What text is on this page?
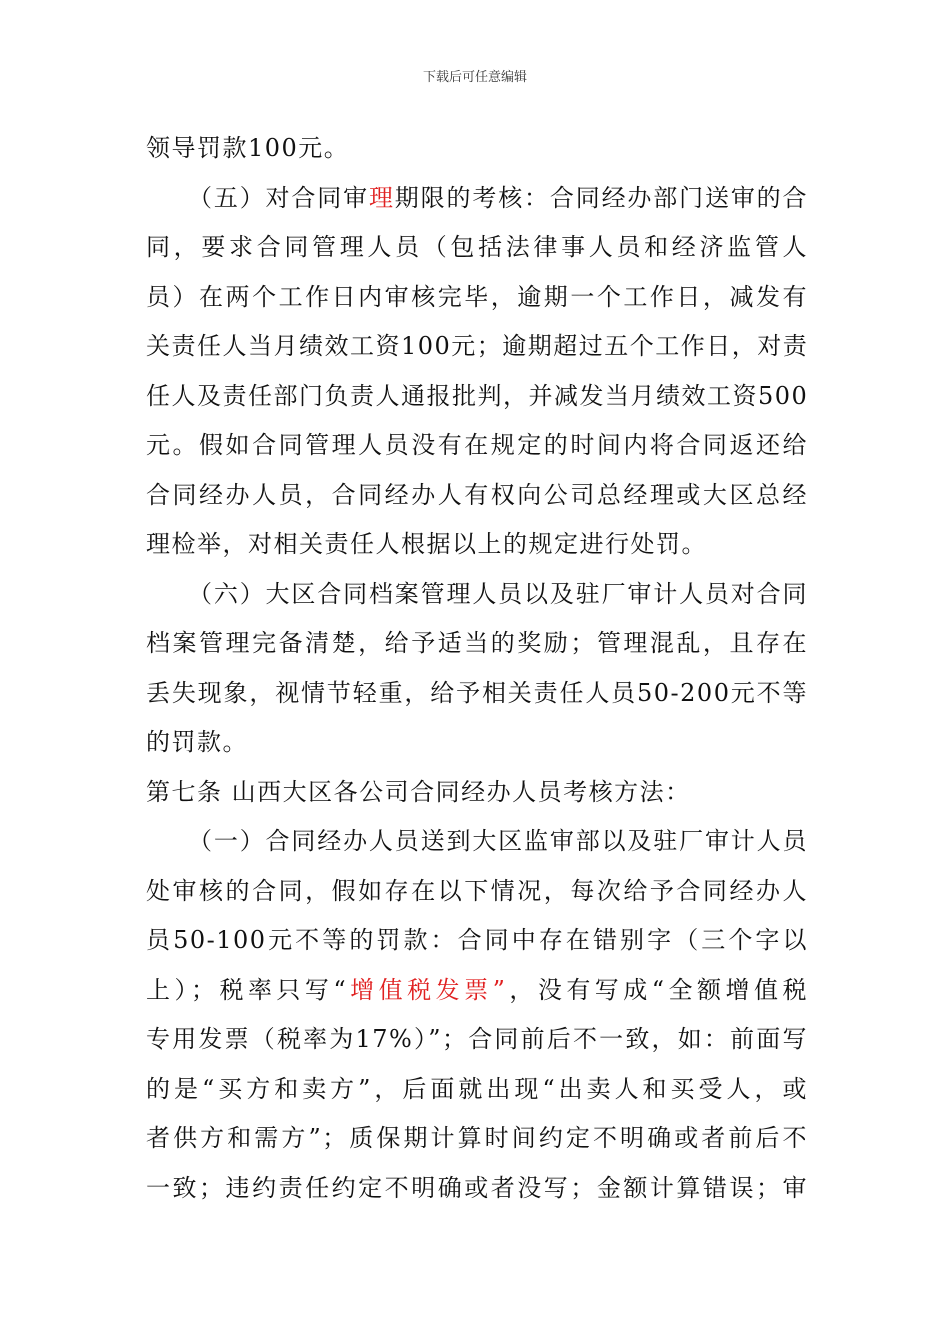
下载后可任意编辑
领导罚款100元。
（五）对合同审理期限的考核：合同经办部门送审的合
同，要求合同管理人员（包括法律事人员和经济监管人
员）在两个工作日内审核完毕，逾期一个工作日，减发有
关责任人当月绩效工资100元；逾期超过五个工作日，对责
任人及责任部门负责人通报批判，并减发当月绩效工资500
元。假如合同管理人员没有在规定的时间内将合同返还给
合同经办人员，合同经办人有权向公司总经理或大区总经
理检举，对相关责任人根据以上的规定进行处罚。
（六）大区合同档案管理人员以及驻厂审计人员对合同
档案管理完备清楚，给予适当的奖励；管理混乱，且存在
丢失现象，视情节轻重，给予相关责任人员50-200元不等
的罚款。
第七条 山西大区各公司合同经办人员考核方法：
（一）合同经办人员送到大区监审部以及驻厂审计人员
处审核的合同，假如存在以下情况，每次给予合同经办人
员50-100元不等的罚款：合同中存在错别字（三个字以
上）；税率只写“增值税发票”，没有写成“全额增值税
专用发票（税率为17%）”；合同前后不一致，如：前面写
的是“买方和卖方”，后面就出现“出卖人和买受人，或
者供方和需方”；质保期计算时间约定不明确或者前后不
一致；违约责任约定不明确或者没写；金额计算错误；审
